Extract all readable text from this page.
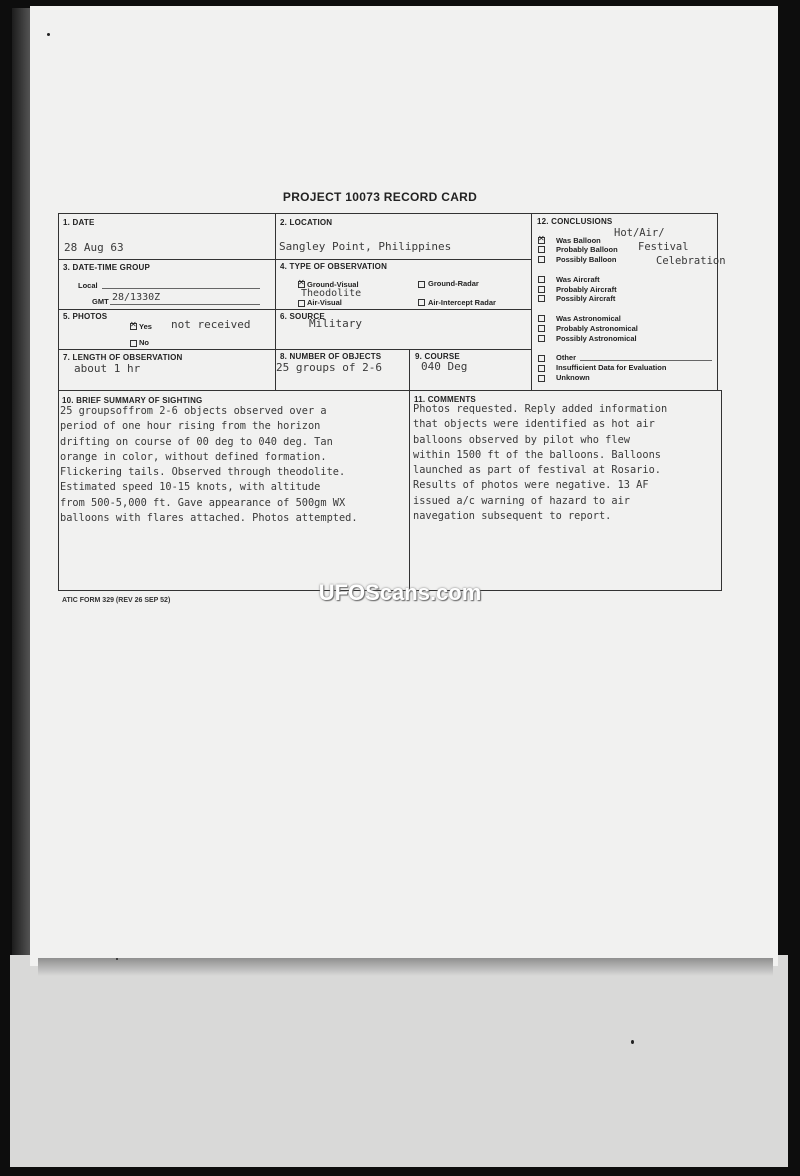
PROJECT 10073 RECORD CARD
1. DATE
28 Aug 63
2. LOCATION
Sangley Point, Philippines
3. DATE-TIME GROUP
Local
GMT 28/1330Z
4. TYPE OF OBSERVATION
✕
Ground-Visual
Theodolite
Air-Visual
Ground-Radar
Air-Intercept Radar
5. PHOTOS
✕
Yes not received
No
6. SOURCE
Military
7. LENGTH OF OBSERVATION
about 1 hr
8. NUMBER OF OBJECTS
25 groups of 2-6
9. COURSE
040 Deg
12. CONCLUSIONS
✕
Was Balloon
Probably Balloon
Possibly Balloon
Hot/Air/
Festival
Celebration
Was Aircraft
Probably Aircraft
Possibly Aircraft
Was Astronomical
Probably Astronomical
Possibly Astronomical
Other
Insufficient Data for Evaluation
Unknown
10. BRIEF SUMMARY OF SIGHTING
25 groupsoffrom 2-6 objects observed over a
period of one hour rising from the horizon
drifting on course of 00 deg to 040 deg. Tan
orange in color, without defined formation.
Flickering tails. Observed through theodolite.
Estimated speed 10-15 knots, with altitude
from 500-5,000 ft. Gave appearance of 500gm WX
balloons with flares attached. Photos attempted.
11. COMMENTS
Photos requested. Reply added information
that objects were identified as hot air
balloons observed by pilot who flew
within 1500 ft of the balloons. Balloons
launched as part of festival at Rosario.
Results of photos were negative. 13 AF
issued a/c warning of hazard to air
navegation subsequent to report.
ATIC FORM 329 (REV 26 SEP 52)	UFOScans.com
